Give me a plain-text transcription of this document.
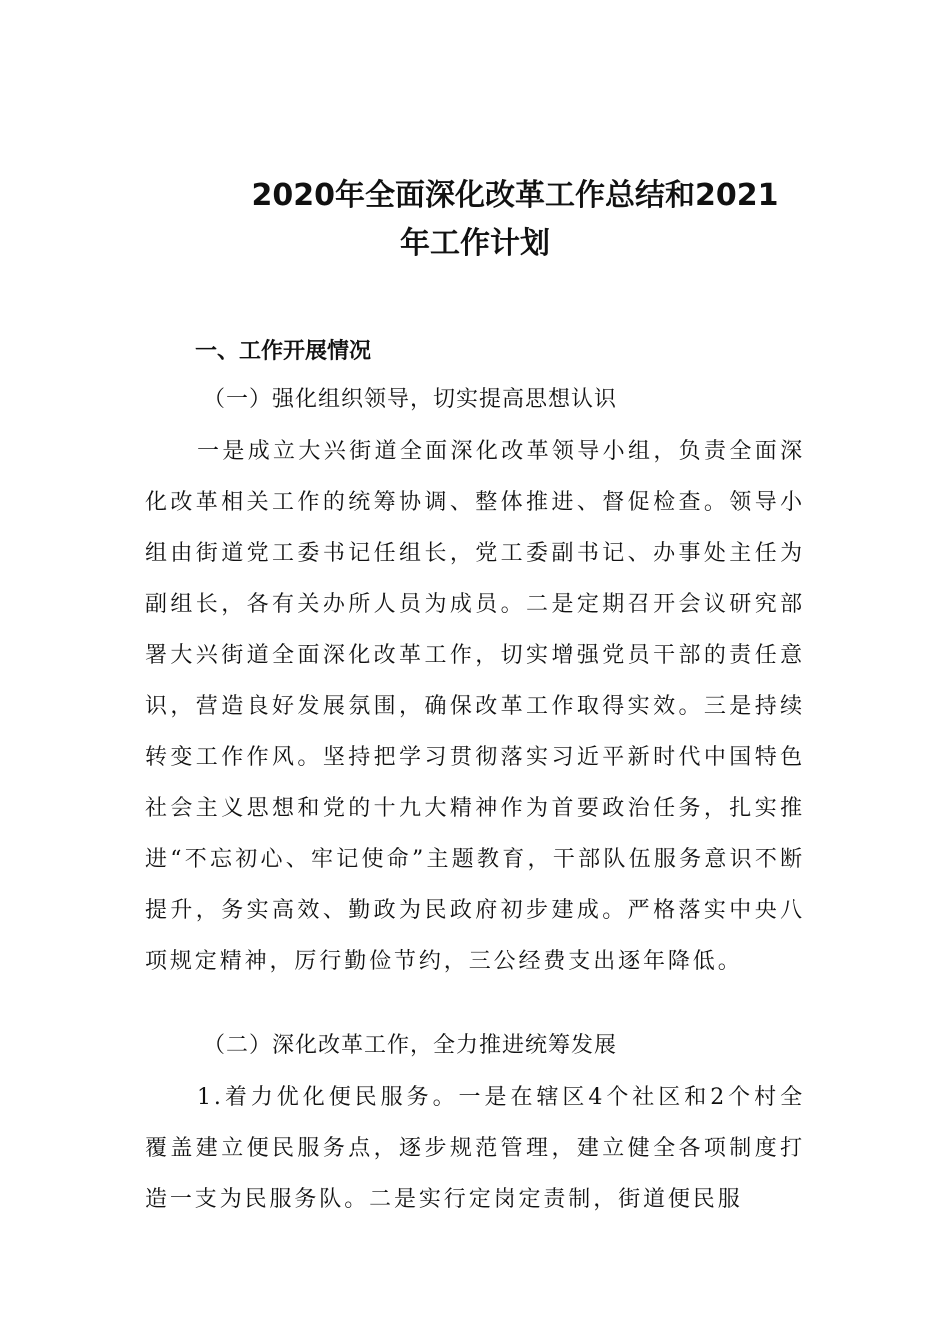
2020年全面深化改革工作总结和2021
年工作计划
一、工作开展情况
（一）强化组织领导，切实提高思想认识

一是成立大兴街道全面深化改革领导小组，负责全面深化改革相关工作的统筹协调、整体推进、督促检查。领导小组由街道党工委书记任组长，党工委副书记、办事处主任为副组长，各有关办所人员为成员。二是定期召开会议研究部署大兴街道全面深化改革工作，切实增强党员干部的责任意识，营造良好发展氛围，确保改革工作取得实效。三是持续转变工作作风。坚持把学习贯彻落实习近平新时代中国特色社会主义思想和党的十九大精神作为首要政治任务，扎实推进“不忘初心、牢记使命”主题教育，干部队伍服务意识不断提升，务实高效、勤政为民政府初步建成。严格落实中央八项规定精神，厉行勤俭节约，三公经费支出逐年降低。

（二）深化改革工作，全力推进统筹发展

1.着力优化便民服务。一是在辖区4个社区和2个村全覆盖建立便民服务点，逐步规范管理，建立健全各项制度打造一支为民服务队。二是实行定岗定责制，街道便民服
